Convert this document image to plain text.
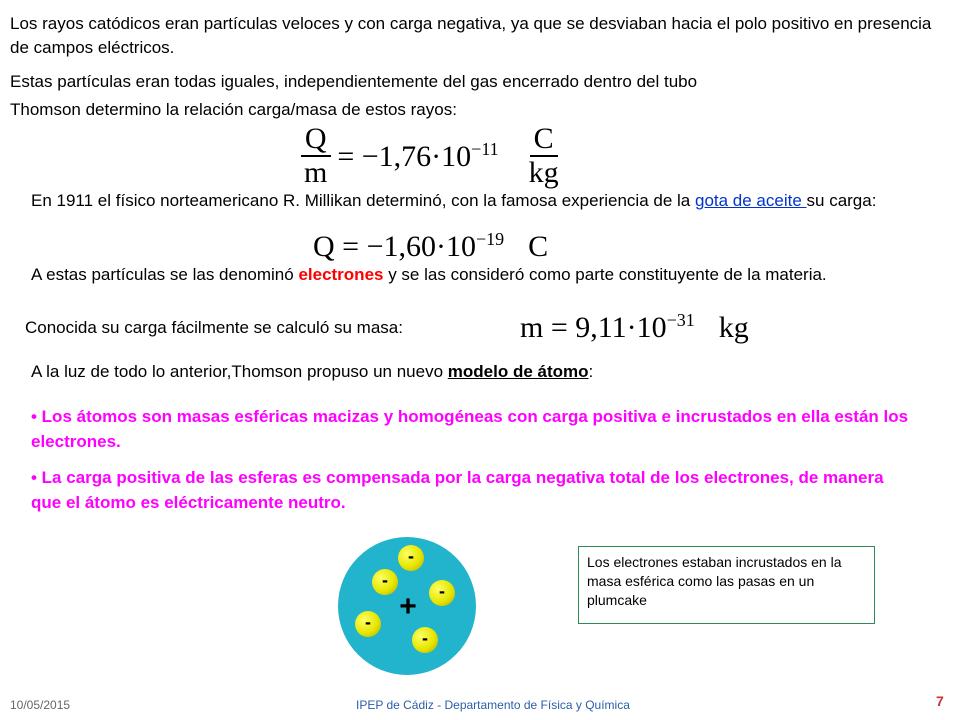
Los rayos catódicos eran partículas veloces y con carga negativa, ya que se desviaban hacia el polo positivo en presencia de campos eléctricos.
Estas partículas eran todas iguales, independientemente del gas encerrado dentro del tubo
Thomson determino la relación carga/masa de estos rayos:
$\frac{Q}{m} = -1,76\cdot 10^{-11} \frac{C}{kg}$
En 1911 el físico norteamericano R. Millikan determinó, con la famosa experiencia de la gota de aceite su carga:
$Q = -1,60\cdot 10^{-19}$ C
A estas partículas se las denominó electrones y se las consideró como parte constituyente de la materia.
Conocida su carga fácilmente se calculó su masa:	$m = 9,11\cdot 10^{-31}$ kg
A la luz de todo lo anterior,Thomson propuso un nuevo modelo de átomo:
• Los átomos son masas esféricas macizas y homogéneas con carga positiva e incrustados en ella están los electrones.
• La carga positiva de las esferas es compensada por la carga negativa total de los electrones, de manera que el átomo es eléctricamente neutro.
+
-
-
-
-
-
Los electrones estaban incrustados en la masa esférica como las pasas en un plumcake
10/05/2015	IPEP de Cádiz - Departamento de Física y Química	7
